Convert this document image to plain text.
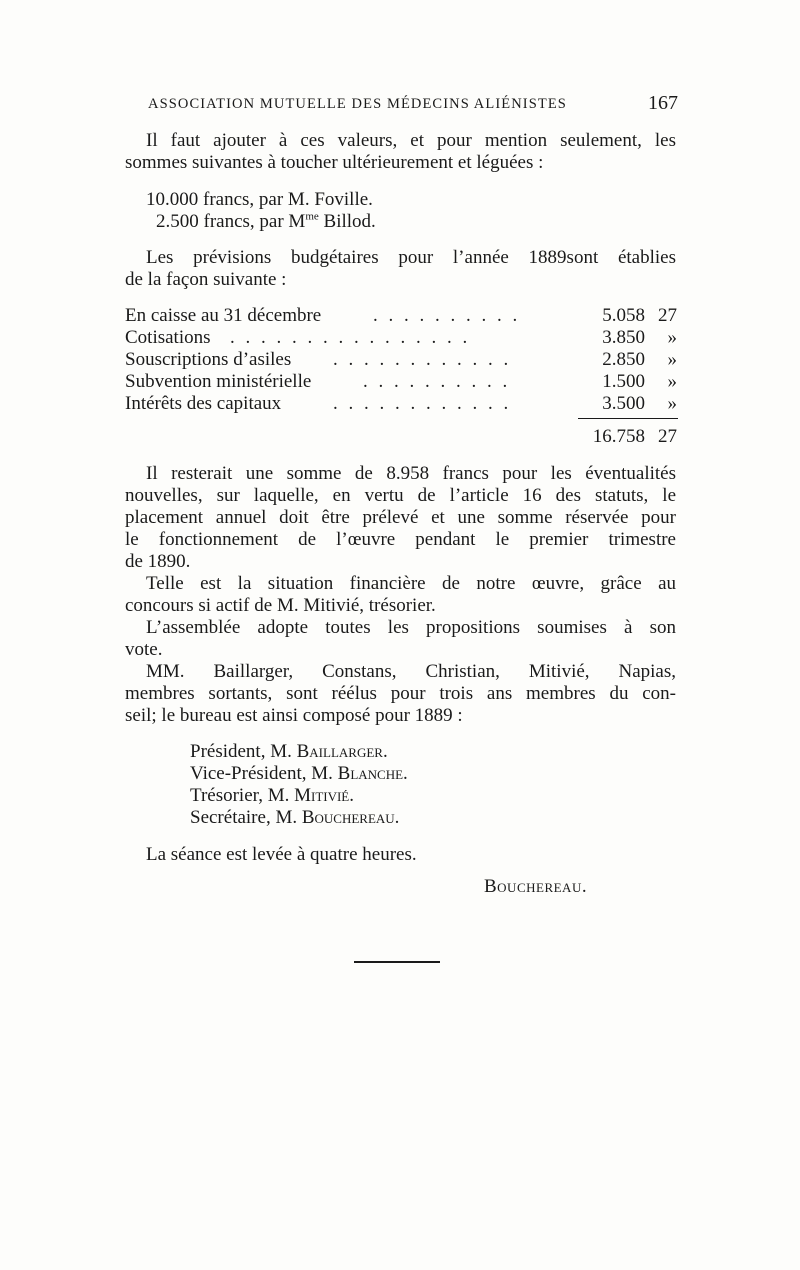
ASSOCIATION MUTUELLE DES MÉDECINS ALIÉNISTES	167
Il faut ajouter à ces valeurs, et pour mention seulement, les
sommes suivantes à toucher ultérieurement et léguées :
10.000 francs, par M. Foville.
2.500 francs, par $M^{me}$ Billod.
Les prévisions budgétaires pour l’année 1889sont établies
de la façon suivante :
. . . . . . . . . .
En caisse au 31 décembre	5.058 27
. . . . . . . . . . . . . . . .
Cotisations	3.850	»
. . . . . . . . . . . .
Souscriptions d’asiles	2.850	»
. . . . . . . . . .
Subvention ministérielle	1.500	»
. . . . . . . . . . . .
Intérêts des capitaux	3.500	»
16.758 27
Il resterait une somme de 8.958 francs pour les éventualités
nouvelles, sur laquelle, en vertu de l’article 16 des statuts, le
placement annuel doit être prélevé et une somme réservée pour
le fonctionnement de l’œuvre pendant le premier trimestre
de 1890.
Telle est la situation financière de notre œuvre, grâce au
concours si actif de M. Mitivié, trésorier.
L’assemblée adopte toutes les propositions soumises à son
vote.
MM. Baillarger, Constans, Christian, Mitivié, Napias,
membres sortants, sont réélus pour trois ans membres du con-
seil; le bureau est ainsi composé pour 1889 :
Président, M. Baillarger.
Vice-Président, M. Blanche.
Trésorier, M. Mitivié.
Secrétaire, M. Bouchereau.
La séance est levée à quatre heures.
Bouchereau.
